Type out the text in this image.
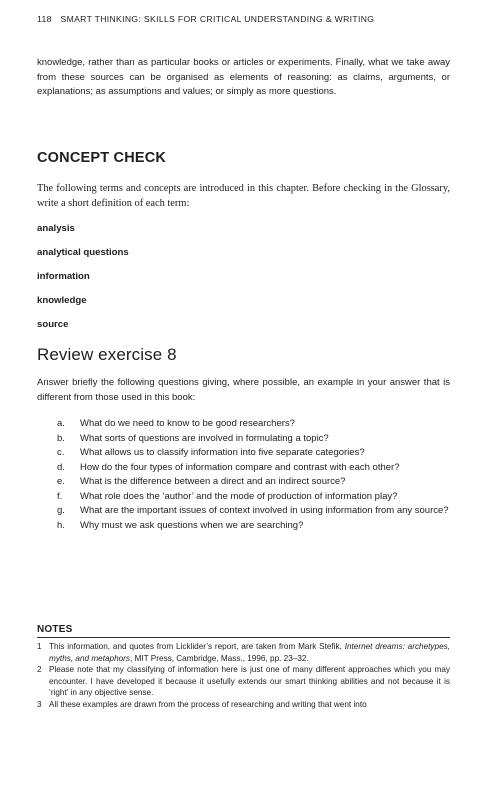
118 SMART THINKING: SKILLS FOR CRITICAL UNDERSTANDING & WRITING

knowledge, rather than as particular books or articles or experiments. Finally, what we take away from these sources can be organised as elements of reasoning: as claims, arguments, or explanations; as assumptions and values; or simply as more questions.

CONCEPT CHECK

The following terms and concepts are introduced in this chapter. Before checking in the Glossary, write a short definition of each term:

analysis
analytical questions
information
knowledge
source
Review exercise 8

Answer briefly the following questions giving, where possible, an example in your answer that is different from those used in this book:

a.	What do we need to know to be good researchers?
b.	What sorts of questions are involved in formulating a topic?
c.	What allows us to classify information into five separate categories?
d.	How do the four types of information compare and contrast with each other?
e.	What is the difference between a direct and an indirect source?
f.	What role does the ‘author’ and the mode of production of information play?
g.	What are the important issues of context involved in using information from any source?
h.	Why must we ask questions when we are searching?
NOTES
1 This information, and quotes from Licklider’s report, are taken from Mark Stefik, Internet dreams: archetypes, myths, and metaphors, MIT Press, Cambridge, Mass., 1996, pp. 23–32.
2 Please note that my classifying of information here is just one of many different approaches which you may encounter. I have developed it because it usefully extends our smart thinking abilities and not because it is ‘right’ in any objective sense.
3 All these examples are drawn from the process of researching and writing that went into
